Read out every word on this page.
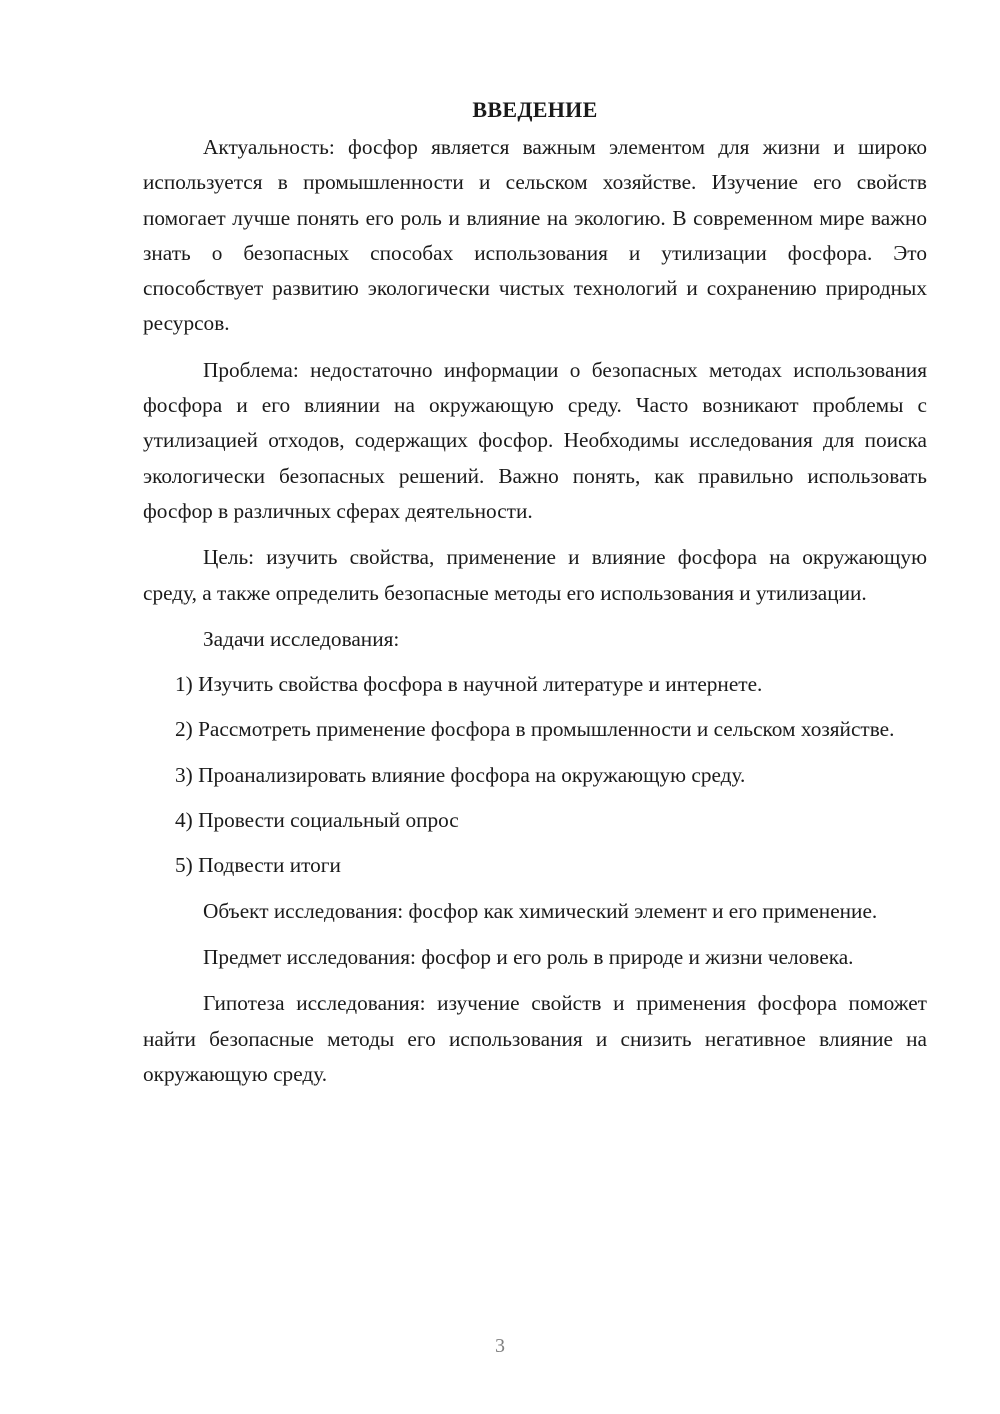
ВВЕДЕНИЕ

Актуальность: фосфор является важным элементом для жизни и широко используется в промышленности и сельском хозяйстве. Изучение его свойств помогает лучше понять его роль и влияние на экологию. В современном мире важно знать о безопасных способах использования и утилизации фосфора. Это способствует развитию экологически чистых технологий и сохранению природных ресурсов.

Проблема: недостаточно информации о безопасных методах использования фосфора и его влиянии на окружающую среду. Часто возникают проблемы с утилизацией отходов, содержащих фосфор. Необходимы исследования для поиска экологически безопасных решений. Важно понять, как правильно использовать фосфор в различных сферах деятельности.

Цель: изучить свойства, применение и влияние фосфора на окружающую среду, а также определить безопасные методы его использования и утилизации.

Задачи исследования:

1) Изучить свойства фосфора в научной литературе и интернете.

2) Рассмотреть применение фосфора в промышленности и сельском хозяйстве.

3) Проанализировать влияние фосфора на окружающую среду.

4) Провести социальный опрос

5) Подвести итоги

Объект исследования: фосфор как химический элемент и его применение.

Предмет исследования: фосфор и его роль в природе и жизни человека.

Гипотеза исследования: изучение свойств и применения фосфора поможет найти безопасные методы его использования и снизить негативное влияние на окружающую среду.

3
